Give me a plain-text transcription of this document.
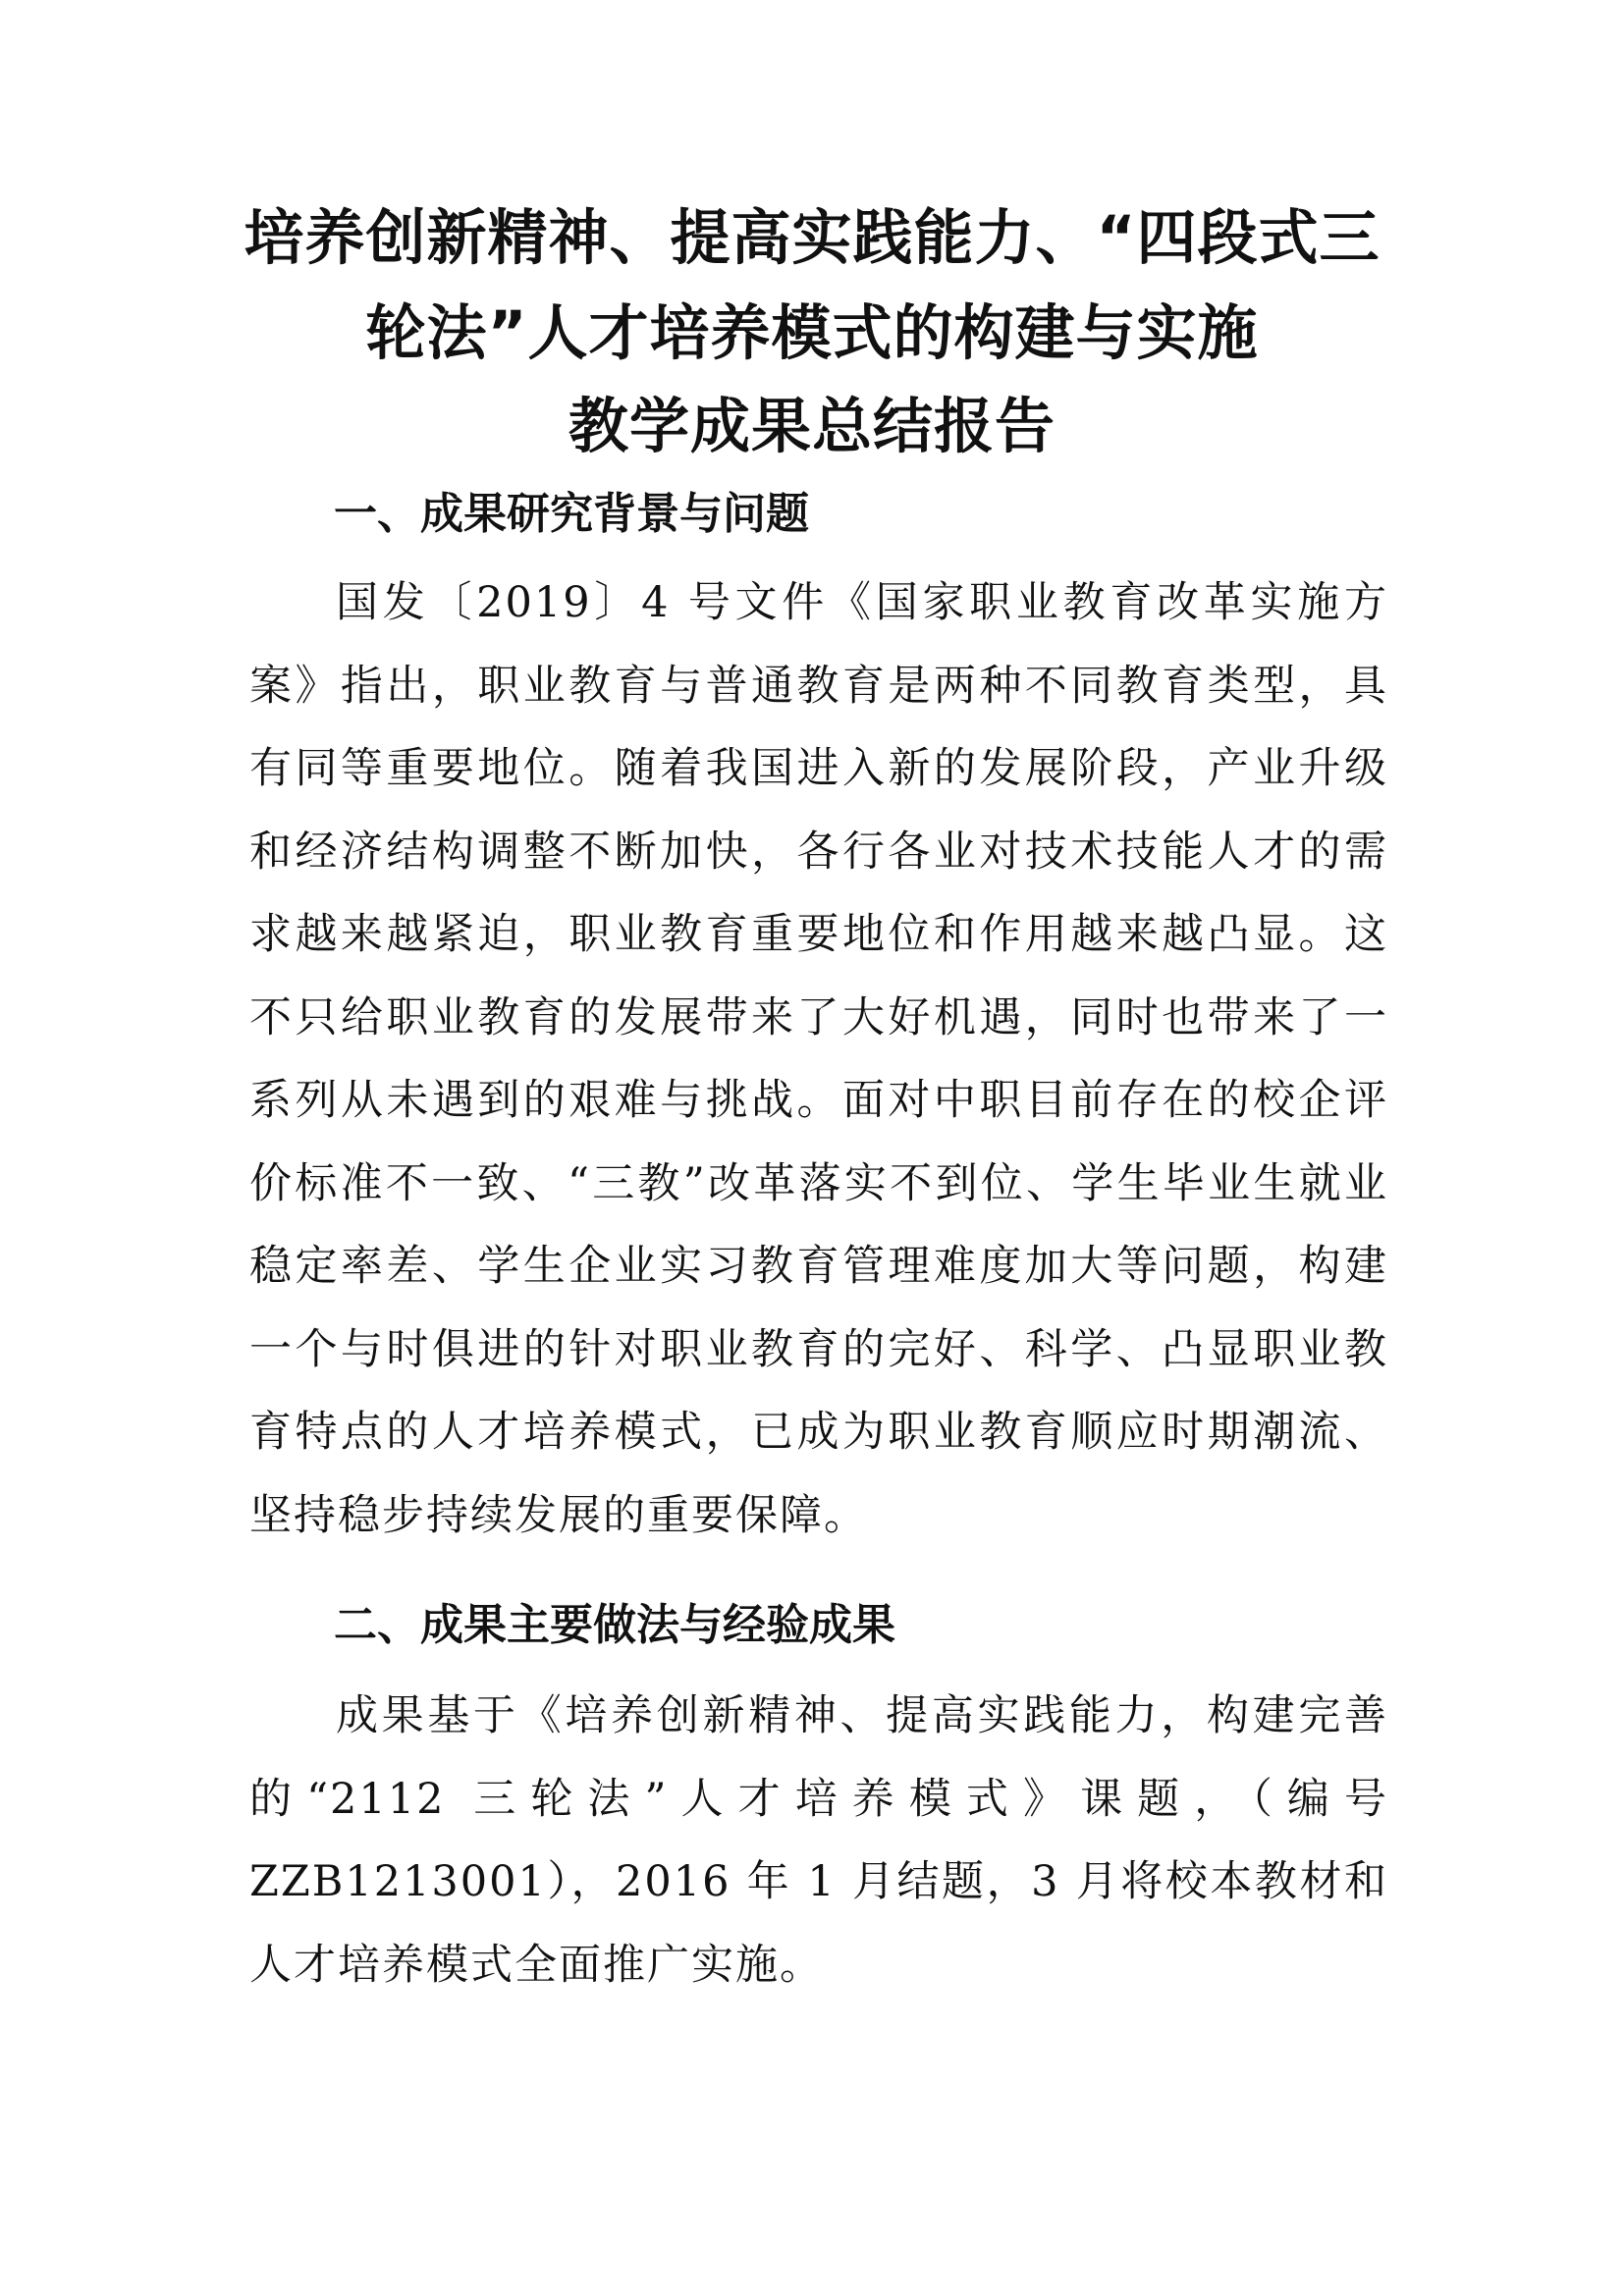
培养创新精神、提高实践能力、“四段式三
轮法”人才培养模式的构建与实施
教学成果总结报告
一、成果研究背景与问题

国发〔2019〕4 号文件《国家职业教育改革实施方案》指出，职业教育与普通教育是两种不同教育类型，具有同等重要地位。随着我国进入新的发展阶段，产业升级和经济结构调整不断加快，各行各业对技术技能人才的需求越来越紧迫，职业教育重要地位和作用越来越凸显。这不只给职业教育的发展带来了大好机遇，同时也带来了一系列从未遇到的艰难与挑战。面对中职目前存在的校企评价标准不一致、“三教”改革落实不到位、学生毕业生就业稳定率差、学生企业实习教育管理难度加大等问题，构建一个与时俱进的针对职业教育的完好、科学、凸显职业教育特点的人才培养模式，已成为职业教育顺应时期潮流、坚持稳步持续发展的重要保障。

二、成果主要做法与经验成果

成果基于《培养创新精神、提高实践能力，构建完善的“2112 三轮法”人才培养模式》课题，（编号 ZZB1213001），2016 年 1 月结题，3 月将校本教材和人才培养模式全面推广实施。
